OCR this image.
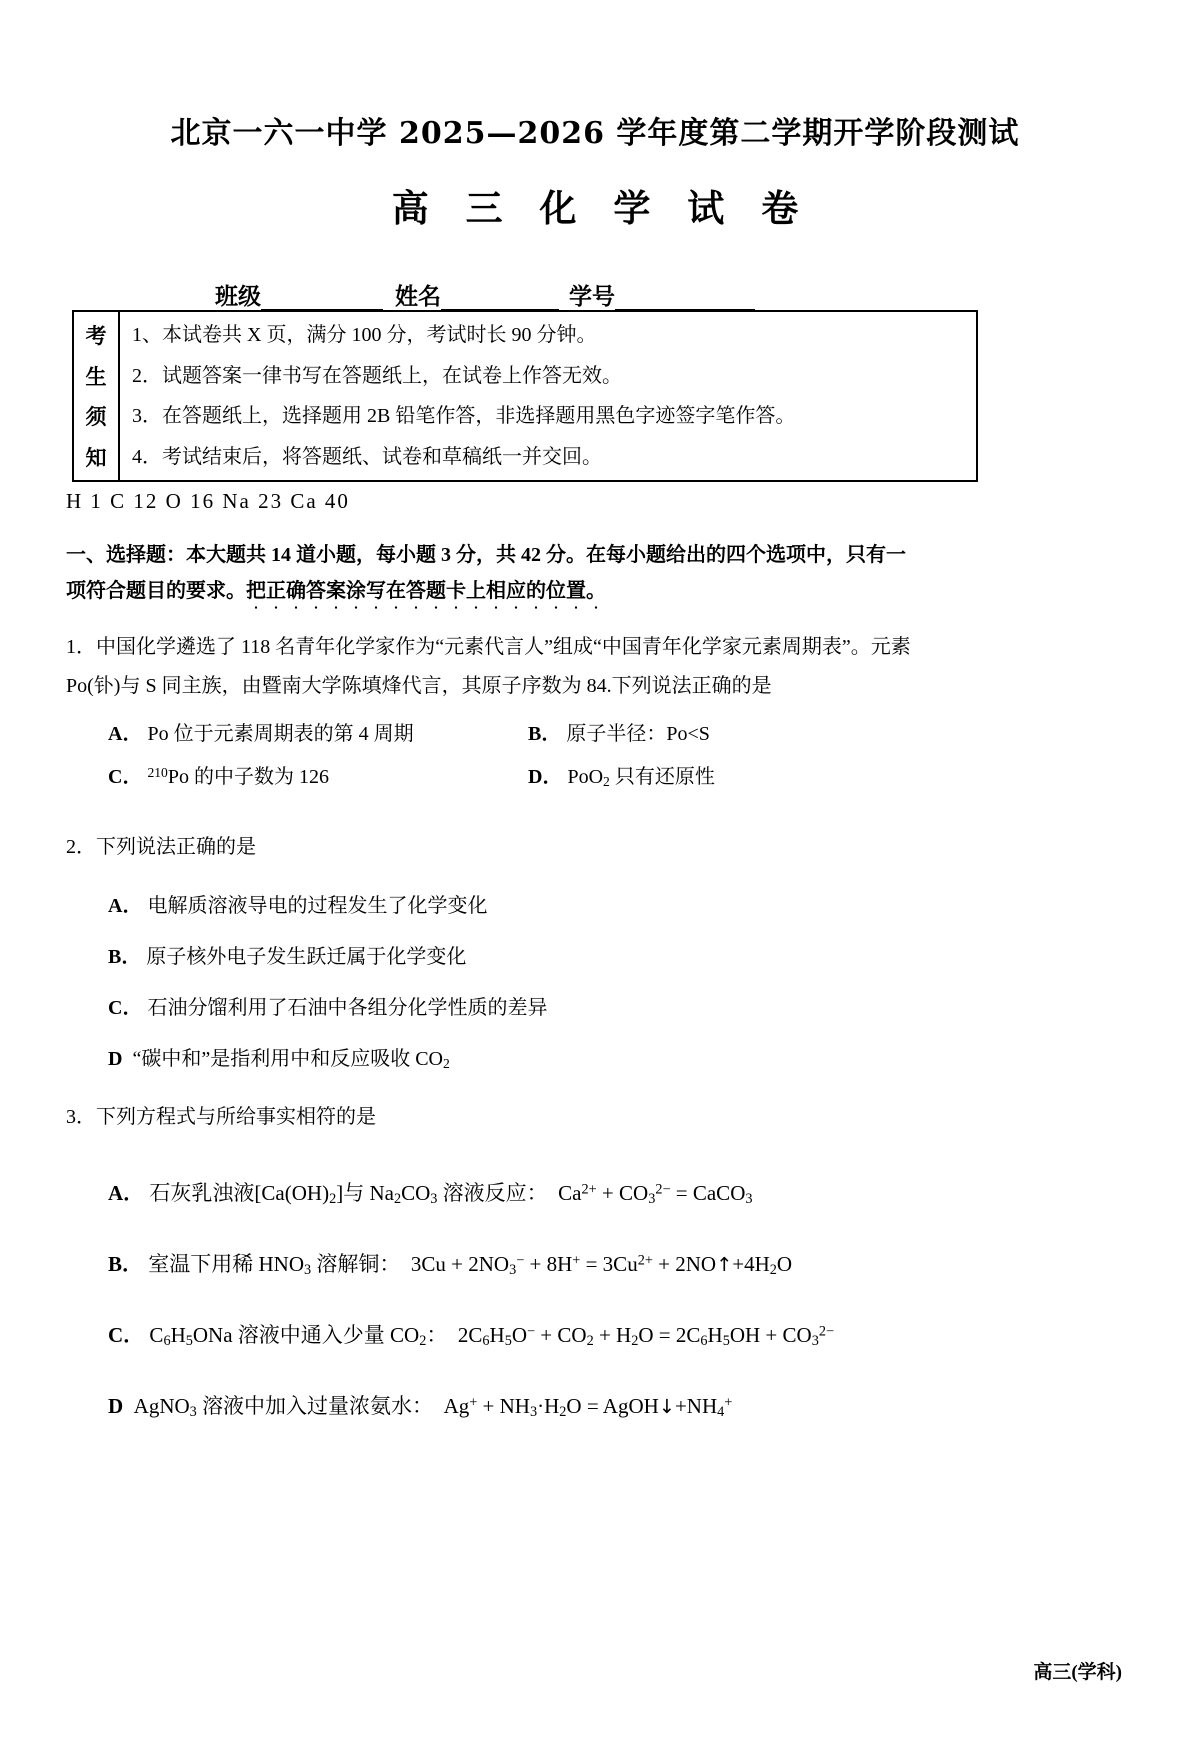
北京一六一中学 2025—2026 学年度第二学期开学阶段测试
高 三 化 学 试 卷
班级	姓名	学号
考
生
须
知
1、本试卷共 X 页，满分 100 分，考试时长 90 分钟。
2．试题答案一律书写在答题纸上，在试卷上作答无效。
3．在答题纸上，选择题用 2B 铅笔作答，非选择题用黑色字迹签字笔作答。
4．考试结束后，将答题纸、试卷和草稿纸一并交回。
H 1 C 12 O 16 Na 23 Ca 40
一、选择题：本大题共 14 道小题，每小题 3 分，共 42 分。在每小题给出的四个选项中，只有一
项符合题目的要求。把正确答案涂写在答题卡上相应的位置。
1．中国化学遴选了 118 名青年化学家作为“元素代言人”组成“中国青年化学家元素周期表”。元素
Po(钋)与 S 同主族，由暨南大学陈填烽代言，其原子序数为 84.下列说法正确的是
A． Po 位于元素周期表的第 4 周期	B． 原子半径：Po<S
C． $^{210}$Po 的中子数为 126	D． PoO$_2$ 只有还原性
2．下列说法正确的是
A． 电解质溶液导电的过程发生了化学变化
B． 原子核外电子发生跃迁属于化学变化
C． 石油分馏利用了石油中各组分化学性质的差异
D  “碳中和”是指利用中和反应吸收 $CO_2$
3．下列方程式与所给事实相符的是
A． 石灰乳浊液$[Ca(OH)_2]$与 $Na_2CO_3$ 溶液反应：  $Ca^{2+} + CO_3^{2-}$ = CaCO$_3$
B． 室温下用稀 $HNO_3$ 溶解铜：  $3Cu + 2NO_3^- + 8H^+ = 3Cu^{2+}$ + $2NO↑+4H_2O$
C． $C_6H_5ONa$ 溶液中通入少量 $CO_2$：  $2C_6H_5O^- + CO_2 + H_2O = 2C_6H_5OH + CO_3^{2-}$
D  AgNO$_3$ 溶液中加入过量浓氨水：  $Ag^+ + NH_3\cdot H_2O$ = $AgOH↓+NH_4^+$
高三(学科)
